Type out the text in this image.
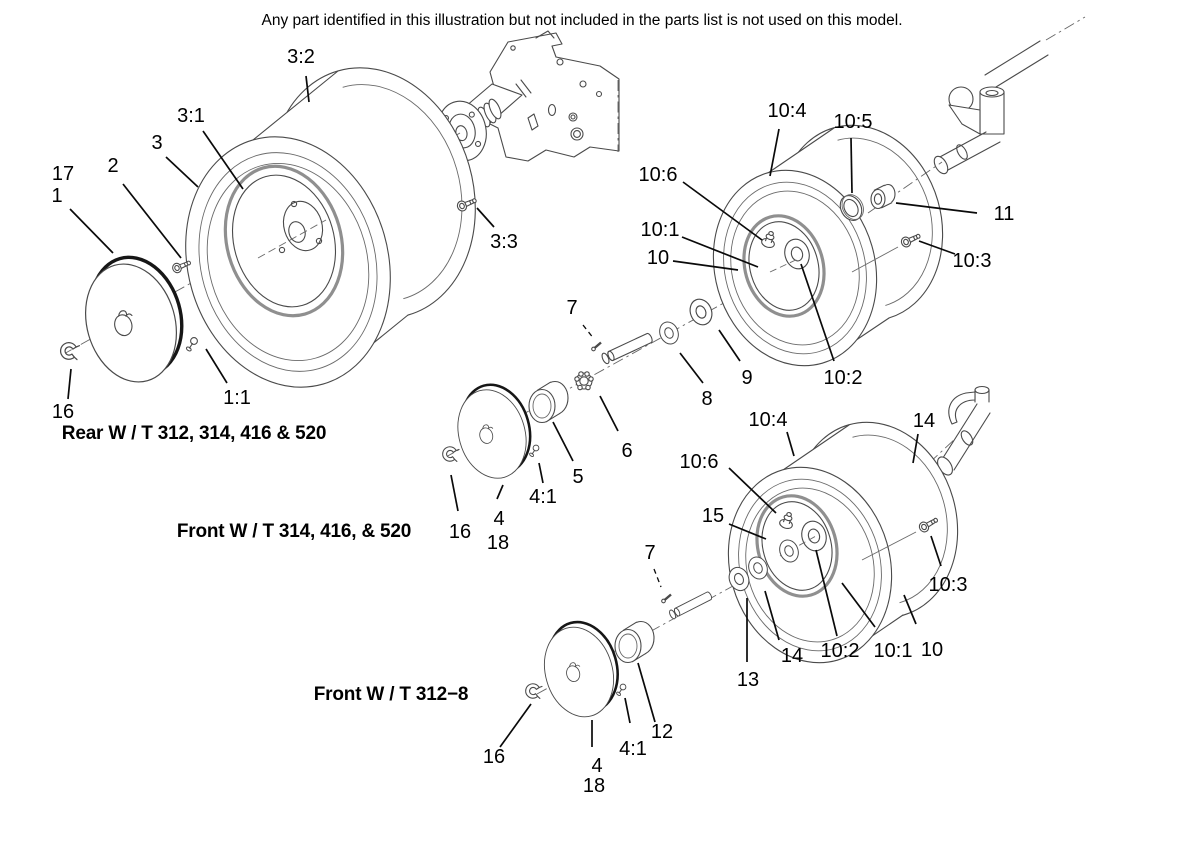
Any part identified in this illustration but not included in the parts list is not used on this model.
3:2
3:1
3
2
17
1
3:3
16
1:1
Rear W / T 312, 314, 416 & 520
10:4 10:5
10:6
10:1
10
11
10:3
10:2
9
8
7
6
5
4:1
4
18
16
Front W / T 314, 416, & 520
10:4	14
10:6
15
7
10:3
13
14 10:2 10:1 10
12
4:1
4
18
16
Front W / T 312−8
